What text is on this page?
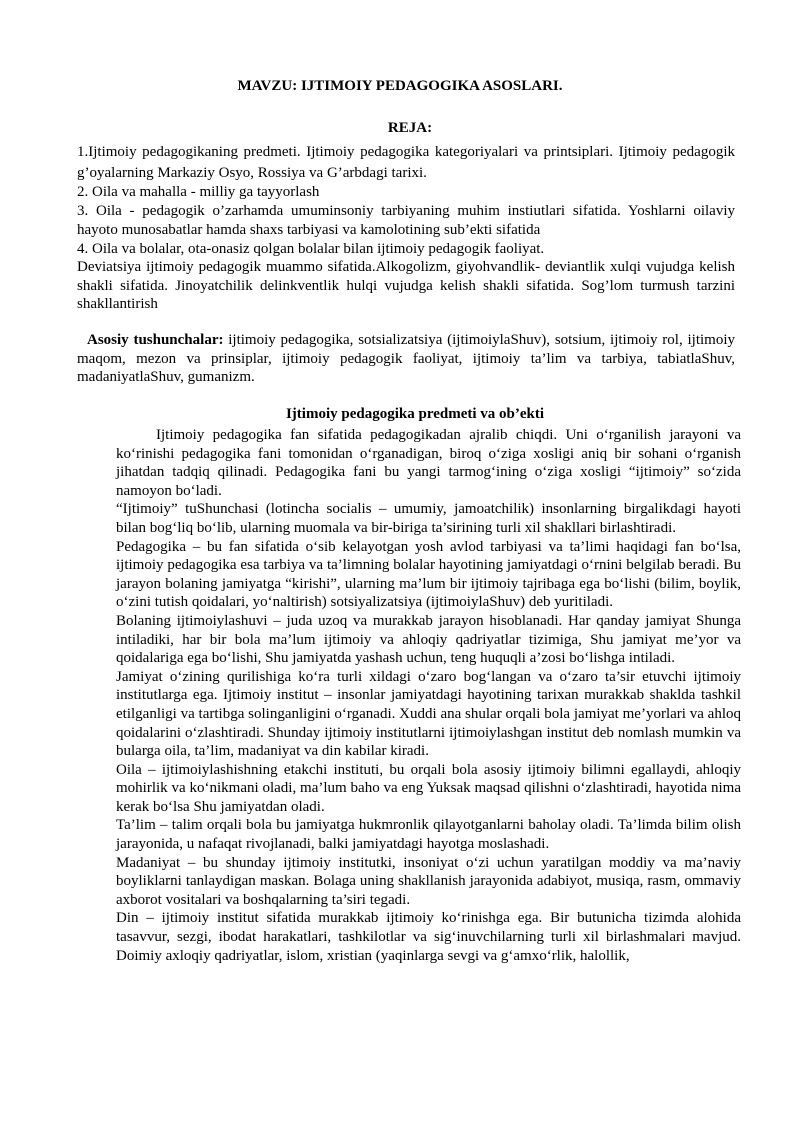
MAVZU: IJTIMOIY PEDAGOGIKA ASOSLARI.
REJA:
1.Ijtimoiy pedagogikaning predmeti. Ijtimoiy pedagogika kategoriyalari va printsiplari. Ijtimoiy pedagogik g’oyalarning Markaziy Osyo, Rossiya va G’arbdagi tarixi.
2. Oila va mahalla - milliy ga tayyorlash
3. Oila - pedagogik o’zarhamda umuminsoniy tarbiyaning muhim instiutlari sifatida. Yoshlarni oilaviy hayoto munosabatlar hamda shaxs tarbiyasi va kamolotining sub’ekti sifatida
4. Oila va bolalar, ota-onasiz qolgan bolalar bilan ijtimoiy pedagogik faoliyat.
Deviatsiya ijtimoiy pedagogik muammo sifatida.Alkogolizm, giyohvandlik- deviantlik xulqi vujudga kelish shakli sifatida. Jinoyatchilik delinkventlik hulqi vujudga kelish shakli sifatida. Sog’lom turmush tarzini shakllantirish
Asosiy tushunchalar: ijtimoiy pedagogika, sotsializatsiya (ijtimoiylaShuv), sotsium, ijtimoiy rol, ijtimoiy maqom, mezon va prinsiplar, ijtimoiy pedagogik faoliyat, ijtimoiy ta’lim va tarbiya, tabiatlaShuv, madaniyatlaShuv, gumanizm.
Ijtimoiy pedagogika predmeti va ob’ekti

Ijtimoiy pedagogika fan sifatida pedagogikadan ajralib chiqdi. Uni o‘rganilish jarayoni va ko‘rinishi pedagogika fani tomonidan o‘rganadigan, biroq o‘ziga xosligi aniq bir sohani o‘rganish jihatdan tadqiq qilinadi. Pedagogika fani bu yangi tarmog‘ining o‘ziga xosligi “ijtimoiy” so‘zida namoyon bo‘ladi.

“Ijtimoiy” tuShunchasi (lotincha socialis – umumiy, jamoatchilik) insonlarning birgalikdagi hayoti bilan bog‘liq bo‘lib, ularning muomala va bir-biriga ta’sirining turli xil shakllari birlashtiradi.

Pedagogika – bu fan sifatida o‘sib kelayotgan yosh avlod tarbiyasi va ta’limi haqidagi fan bo‘lsa, ijtimoiy pedagogika esa tarbiya va ta’limning bolalar hayotining jamiyatdagi o‘rnini belgilab beradi. Bu jarayon bolaning jamiyatga “kirishi”, ularning ma’lum bir ijtimoiy tajribaga ega bo‘lishi (bilim, boylik, o‘zini tutish qoidalari, yo‘naltirish) sotsiyalizatsiya (ijtimoiylaShuv) deb yuritiladi.

Bolaning ijtimoiylashuvi – juda uzoq va murakkab jarayon hisoblanadi. Har qanday jamiyat Shunga intiladiki, har bir bola ma’lum ijtimoiy va ahloqiy qadriyatlar tizimiga, Shu jamiyat me’yor va qoidalariga ega bo‘lishi, Shu jamiyatda yashash uchun, teng huquqli a’zosi bo‘lishga intiladi.

Jamiyat o‘zining qurilishiga ko‘ra turli xildagi o‘zaro bog‘langan va o‘zaro ta’sir etuvchi ijtimoiy institutlarga ega. Ijtimoiy institut – insonlar jamiyatdagi hayotining tarixan murakkab shaklda tashkil etilganligi va tartibga solinganligini o‘rganadi. Xuddi ana shular orqali bola jamiyat me’yorlari va ahloq qoidalarini o‘zlashtiradi. Shunday ijtimoiy institutlarni ijtimoiylashgan institut deb nomlash mumkin va bularga oila, ta’lim, madaniyat va din kabilar kiradi.

Oila – ijtimoiylashishning etakchi instituti, bu orqali bola asosiy ijtimoiy bilimni egallaydi, ahloqiy mohirlik va ko‘nikmani oladi, ma’lum baho va eng Yuksak maqsad qilishni o‘zlashtiradi, hayotida nima kerak bo‘lsa Shu jamiyatdan oladi.

Ta’lim – talim orqali bola bu jamiyatga hukmronlik qilayotganlarni baholay oladi. Ta’limda bilim olish jarayonida, u nafaqat rivojlanadi, balki jamiyatdagi hayotga moslashadi.

Madaniyat – bu shunday ijtimoiy institutki, insoniyat o‘zi uchun yaratilgan moddiy va ma’naviy boyliklarni tanlaydigan maskan. Bolaga uning shakllanish jarayonida adabiyot, musiqa, rasm, ommaviy axborot vositalari va boshqalarning ta’siri tegadi.

Din – ijtimoiy institut sifatida murakkab ijtimoiy ko‘rinishga ega. Bir butunicha tizimda alohida tasavvur, sezgi, ibodat harakatlari, tashkilotlar va sig‘inuvchilarning turli xil birlashmalari mavjud. Doimiy axloqiy qadriyatlar, islom, xristian (yaqinlarga sevgi va g‘amxo‘rlik, halollik,
